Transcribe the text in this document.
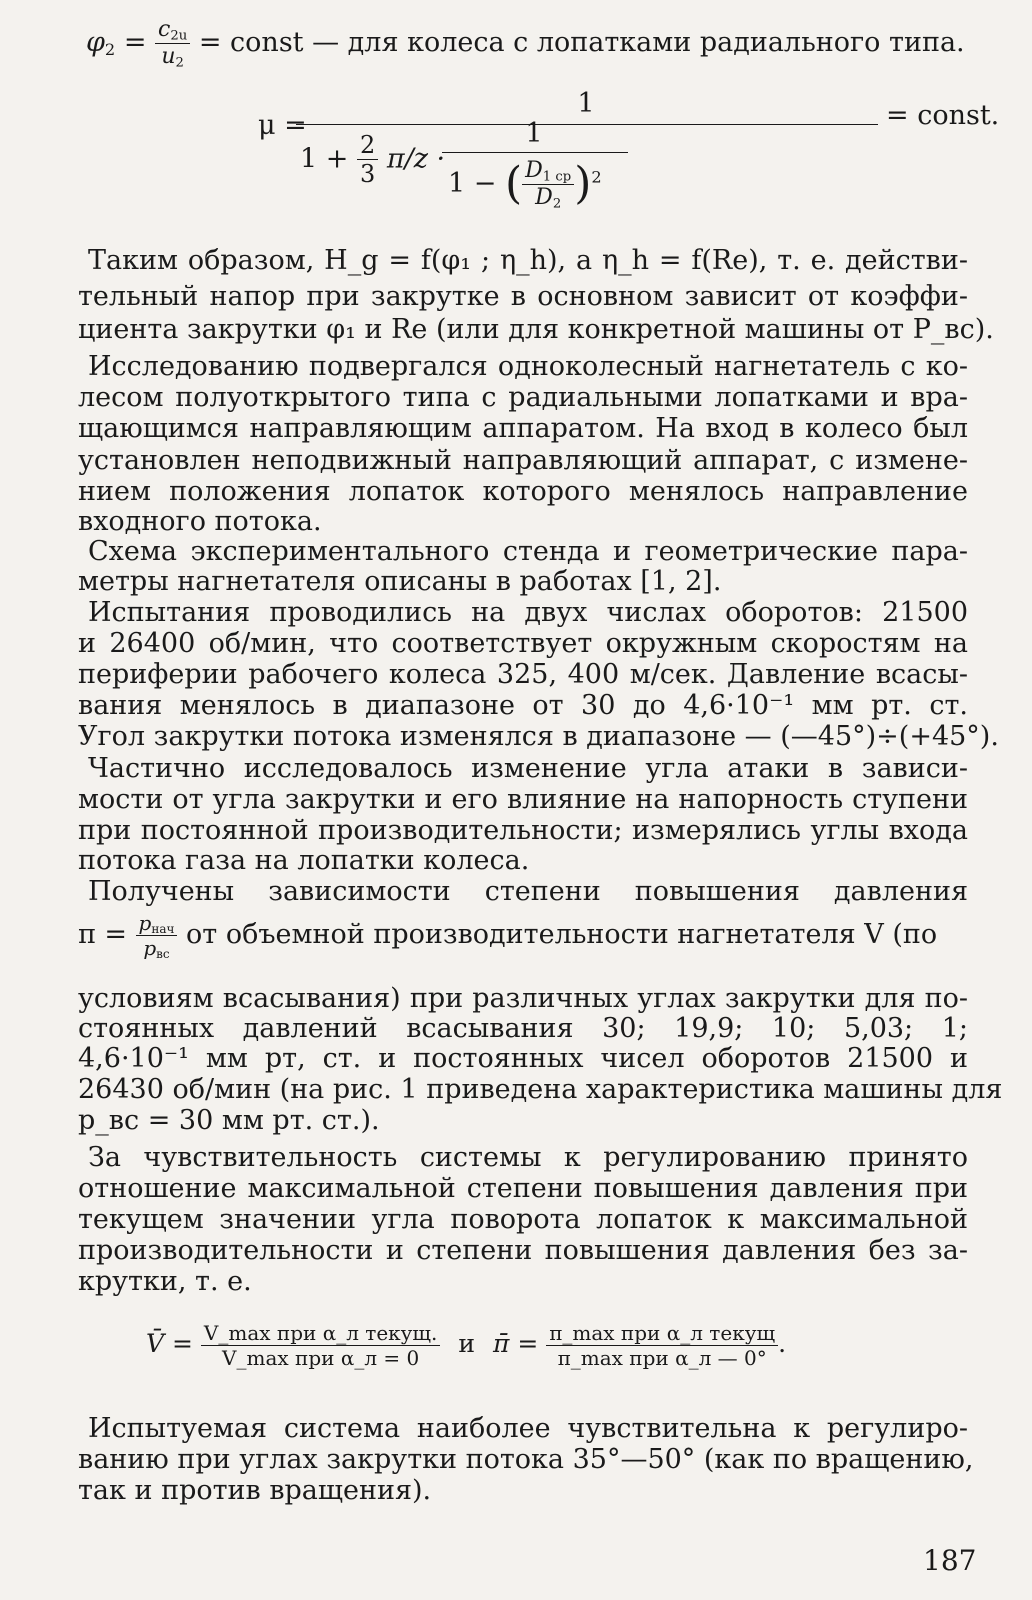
$\varphi_2 = \frac{c_{2u}}{u_2}$ = const — для колеса с лопатками радиального типа.
μ =
1
$1 + \frac{2}{3} \pi/z$ ·
1
1 − ( $\frac{D_{1 ср}}{D_2} )^2$
= const.
Таким образом, H_g = f(φ₁ ; η_h), а η_h = f(Re), т. е. действи-
тельный напор при закрутке в основном зависит от коэффи-
циента закрутки φ₁ и Re (или для конкретной машины от P_вс).
Исследованию подвергался одноколесный нагнетатель с ко-
лесом полуоткрытого типа с радиальными лопатками и вра-
щающимся направляющим аппаратом. На вход в колесо был
установлен неподвижный направляющий аппарат, с измене-
нием положения лопаток которого менялось направление
входного потока.
Схема экспериментального стенда и геометрические пара-
метры нагнетателя описаны в работах [1, 2].
Испытания проводились на двух числах оборотов: 21500
и 26400 об/мин, что соответствует окружным скоростям на
периферии рабочего колеса 325, 400 м/сек. Давление всасы-
вания менялось в диапазоне от 30 до 4,6·10⁻¹ мм рт. ст.
Угол закрутки потока изменялся в диапазоне — (—45°)÷(+45°).
Частично исследовалось изменение угла атаки в зависи-
мости от угла закрутки и его влияние на напорность ступени
при постоянной производительности; измерялись углы входа
потока газа на лопатки колеса.
Получены зависимости степени повышения давления
$\pi = \frac{p_{нач}}{p_{вс}}$ от объемной производительности нагнетателя V (по
условиям всасывания) при различных углах закрутки для по-
стоянных давлений всасывания 30; 19,9; 10; 5,03; 1;
4,6·10⁻¹ мм рт, ст. и постоянных чисел оборотов 21500 и
26430 об/мин (на рис. 1 приведена характеристика машины для
p_вс = 30 мм рт. ст.).
За чувствительность системы к регулированию принято
отношение максимальной степени повышения давления при
текущем значении угла поворота лопаток к максимальной
производительности и степени повышения давления без за-
крутки, т. е.
V̄ = $\frac{\text{V\_max при α\_л текущ.}}{\text{V\_max при α\_л = 0}}$ и π̄ = $\frac{\text{π\_max при α\_л текущ}}{\text{π\_max при α\_л — 0°}}$ .
Испытуемая система наиболее чувствительна к регулиро-
ванию при углах закрутки потока 35°—50° (как по вращению,
так и против вращения).
187
